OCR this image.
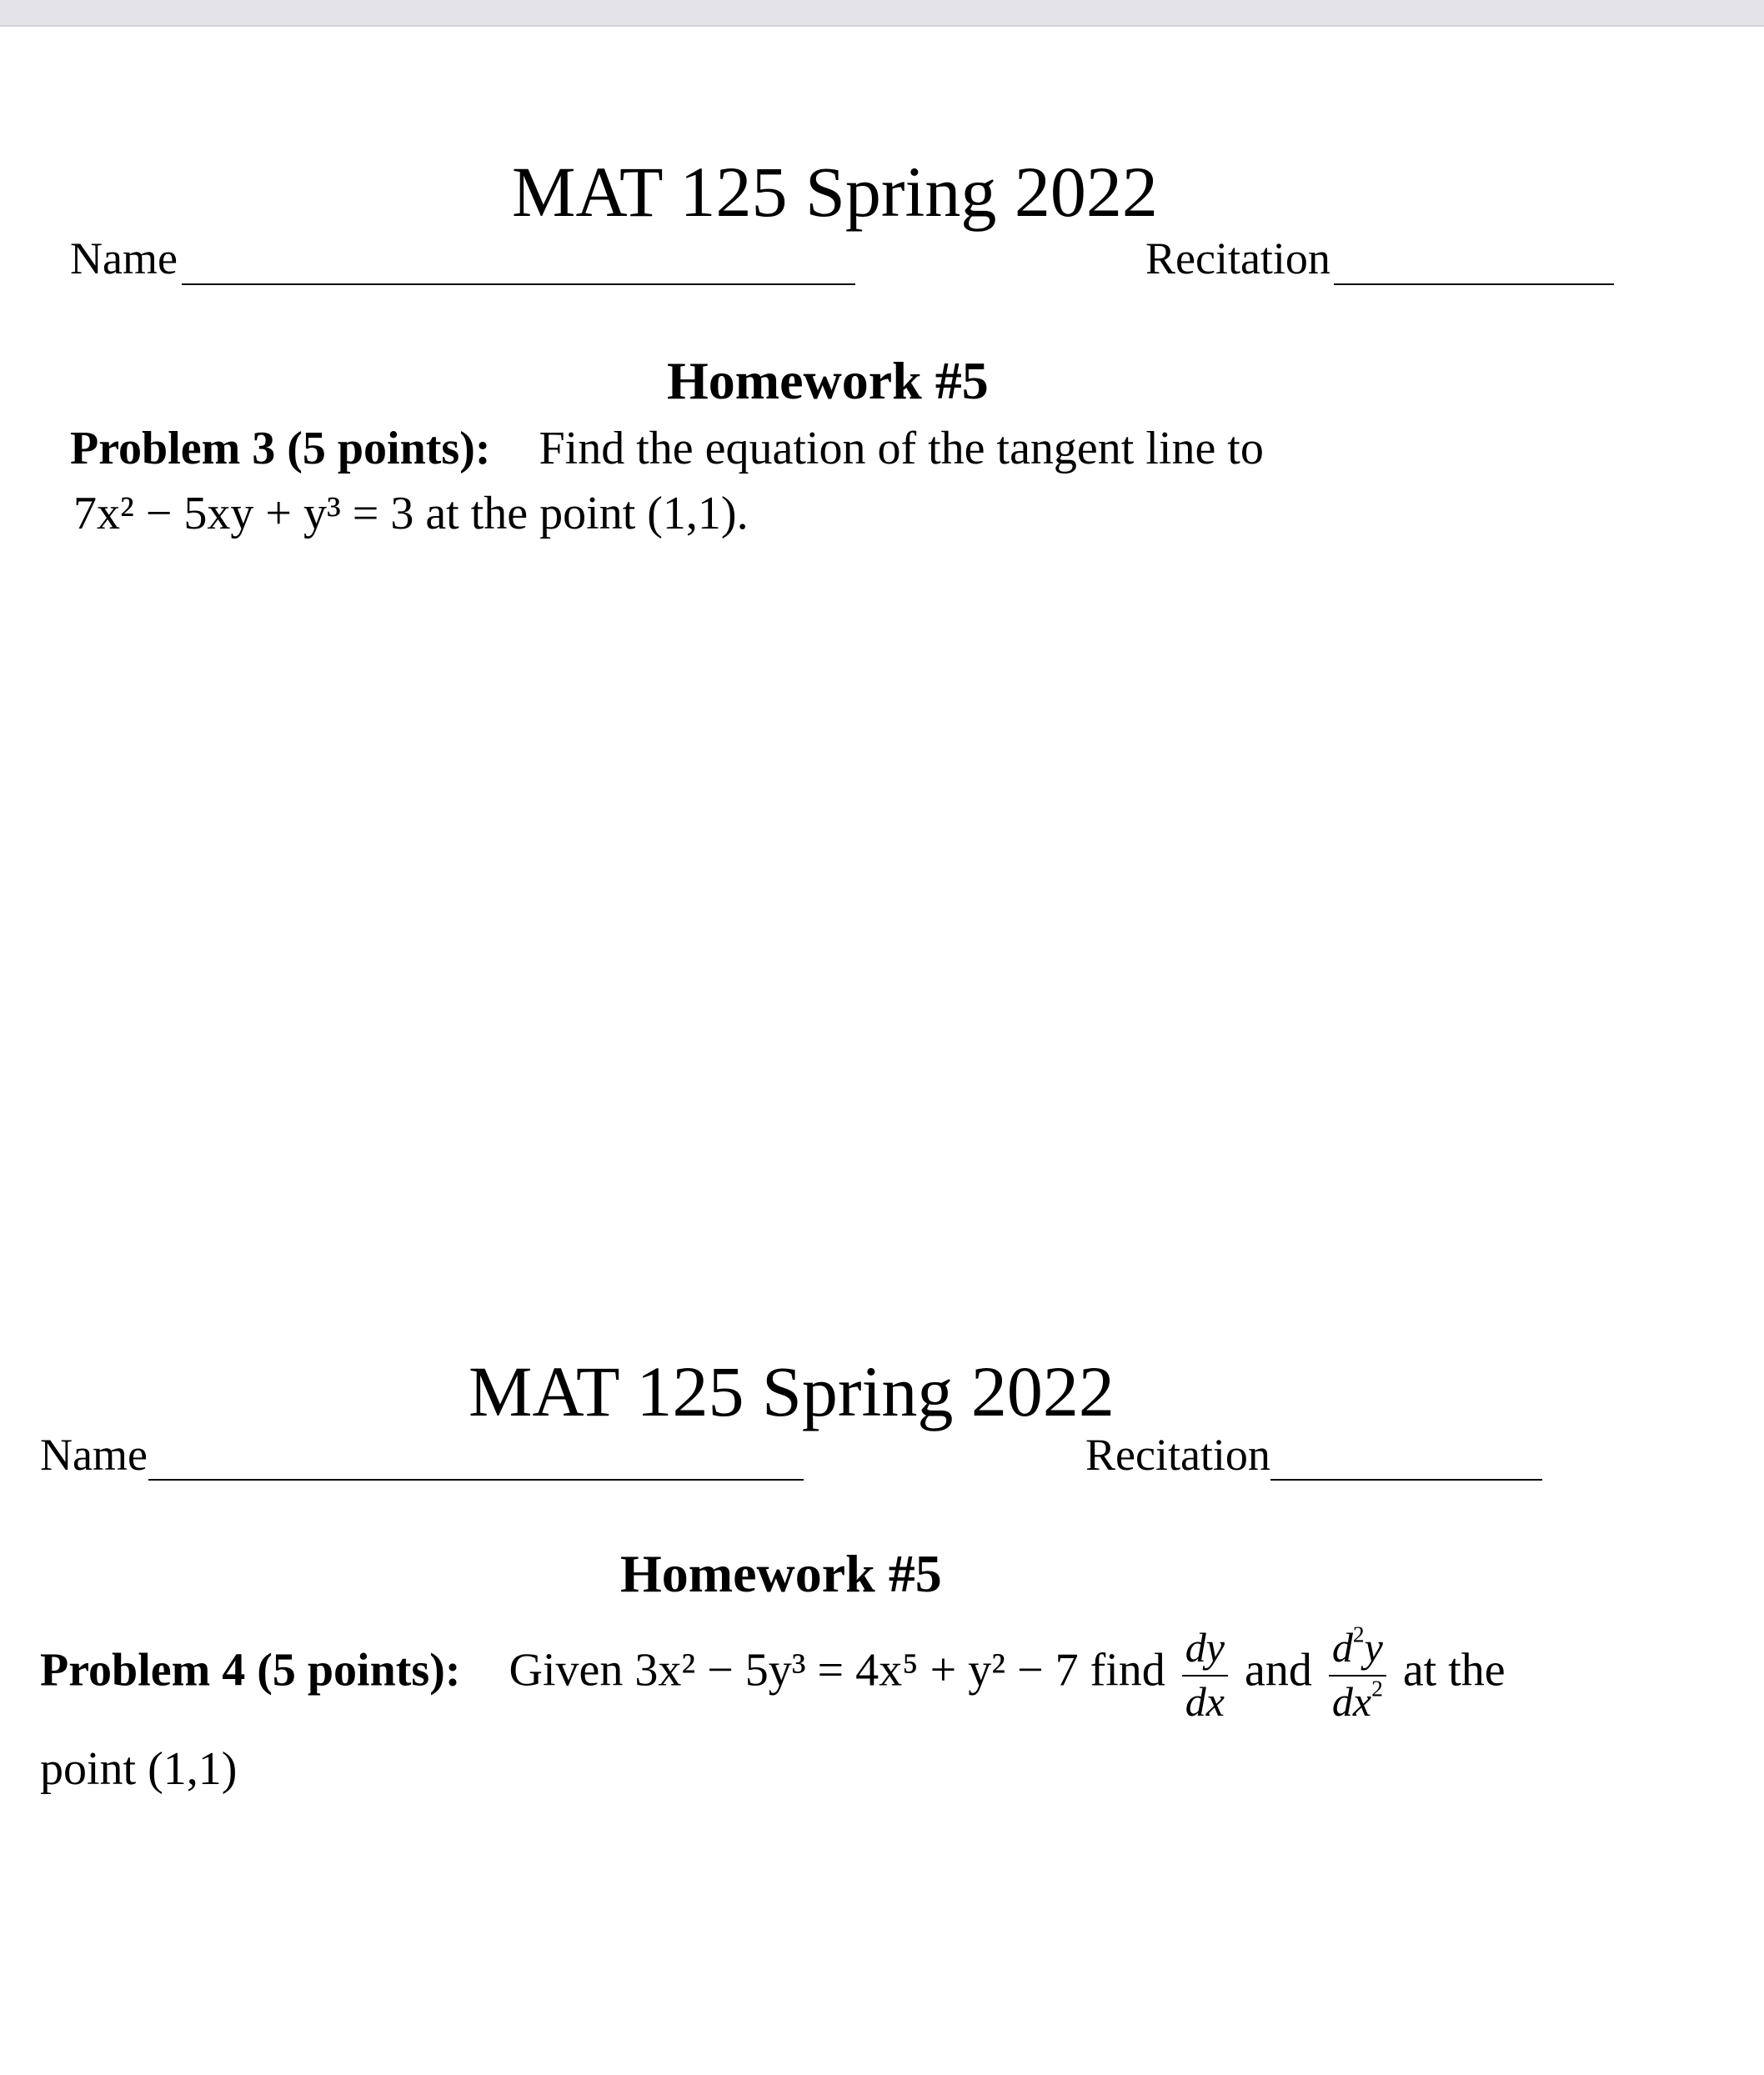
MAT 125 Spring 2022
Name	Recitation
Homework #5
Problem 3 (5 points): Find the equation of the tangent line to
7x² − 5xy + y³ = 3 at the point (1,1).
MAT 125 Spring 2022
Name	Recitation
Homework #5
Problem 4 (5 points): Given 3x² − 5y³ = 4x⁵ + y² − 7 find $\frac{dy}{dx}$ and $\frac{d^2y}{dx^2}$ at the
point (1,1)
